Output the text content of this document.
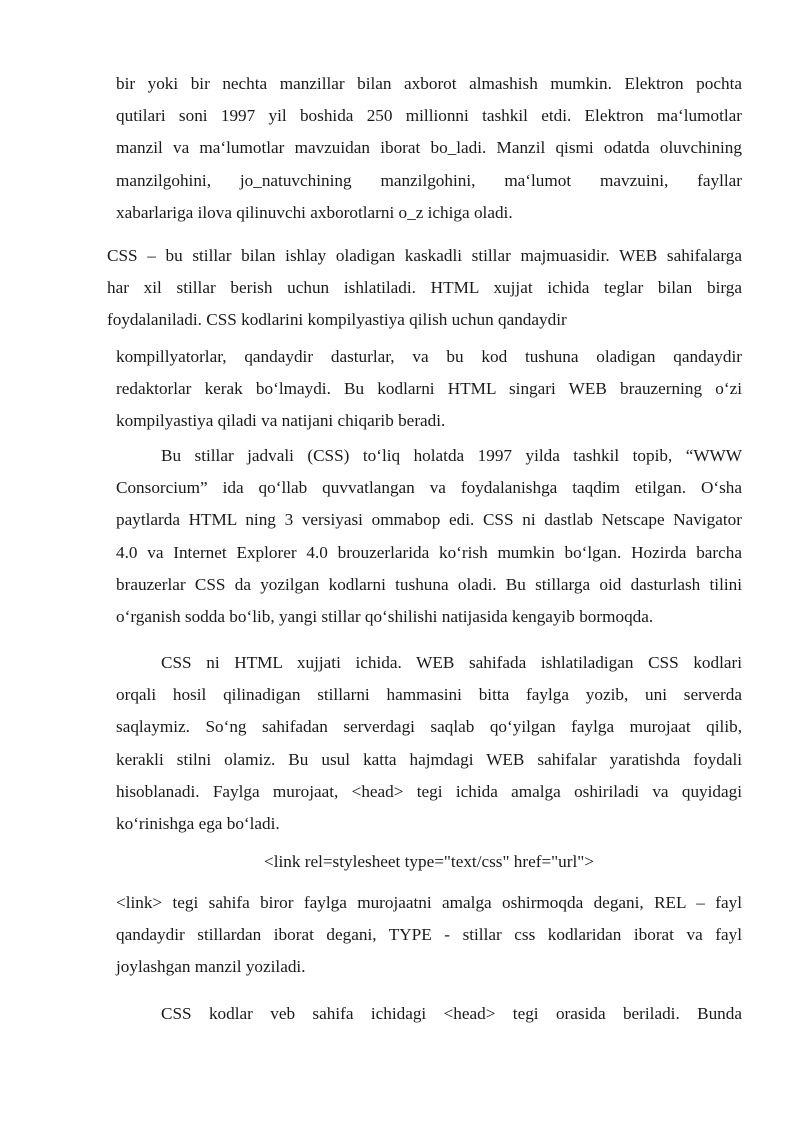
bir yoki bir nechta manzillar bilan axborot almashish mumkin. Elektron pochta
qutilari soni 1997 yil boshida 250 millionni tashkil etdi. Elektron maʻlumotlar
manzil va maʻlumotlar mavzuidan iborat bo_ladi. Manzil qismi odatda oluvchining
manzilgohini, jo_natuvchining manzilgohini, maʻlumot mavzuini, fayllar
xabarlariga ilova qilinuvchi axborotlarni o_z ichiga oladi.
CSS – bu stillar bilan ishlay oladigan kaskadli stillar majmuasidir. WEB sahifalarga
har xil stillar berish uchun ishlatiladi. HTML xujjat ichida teglar bilan birga
foydalaniladi. CSS kodlarini kompilyastiya qilish uchun qandaydir
kompillyatorlar, qandaydir dasturlar, va bu kod tushuna oladigan qandaydir
redaktorlar kerak boʻlmaydi. Bu kodlarni HTML singari WEB brauzerning oʻzi
kompilyastiya qiladi va natijani chiqarib beradi.
Bu stillar jadvali (CSS) toʻliq holatda 1997 yilda tashkil topib, “WWW
Consorcium” ida qoʻllab quvvatlangan va foydalanishga taqdim etilgan. Oʻsha
paytlarda HTML ning 3 versiyasi ommabop edi. CSS ni dastlab Netscape Navigator
4.0 va Internet Explorer 4.0 brouzerlarida koʻrish mumkin boʻlgan. Hozirda barcha
brauzerlar CSS da yozilgan kodlarni tushuna oladi. Bu stillarga oid dasturlash tilini
oʻrganish sodda boʻlib, yangi stillar qoʻshilishi natijasida kengayib bormoqda.
CSS ni HTML xujjati ichida. WEB sahifada ishlatiladigan CSS kodlari
orqali hosil qilinadigan stillarni hammasini bitta faylga yozib, uni serverda
saqlaymiz. Soʻng sahifadan serverdagi saqlab qoʻyilgan faylga murojaat qilib,
kerakli stilni olamiz. Bu usul katta hajmdagi WEB sahifalar yaratishda foydali
hisoblanadi. Faylga murojaat, <head> tegi ichida amalga oshiriladi va quyidagi
koʻrinishga ega boʻladi.
<link rel=stylesheet type="text/css" href="url">
<link> tegi sahifa biror faylga murojaatni amalga oshirmoqda degani, REL – fayl
qandaydir stillardan iborat degani, TYPE - stillar css kodlaridan iborat va fayl
joylashgan manzil yoziladi.
CSS kodlar veb sahifa ichidagi <head> tegi orasida beriladi. Bunda
